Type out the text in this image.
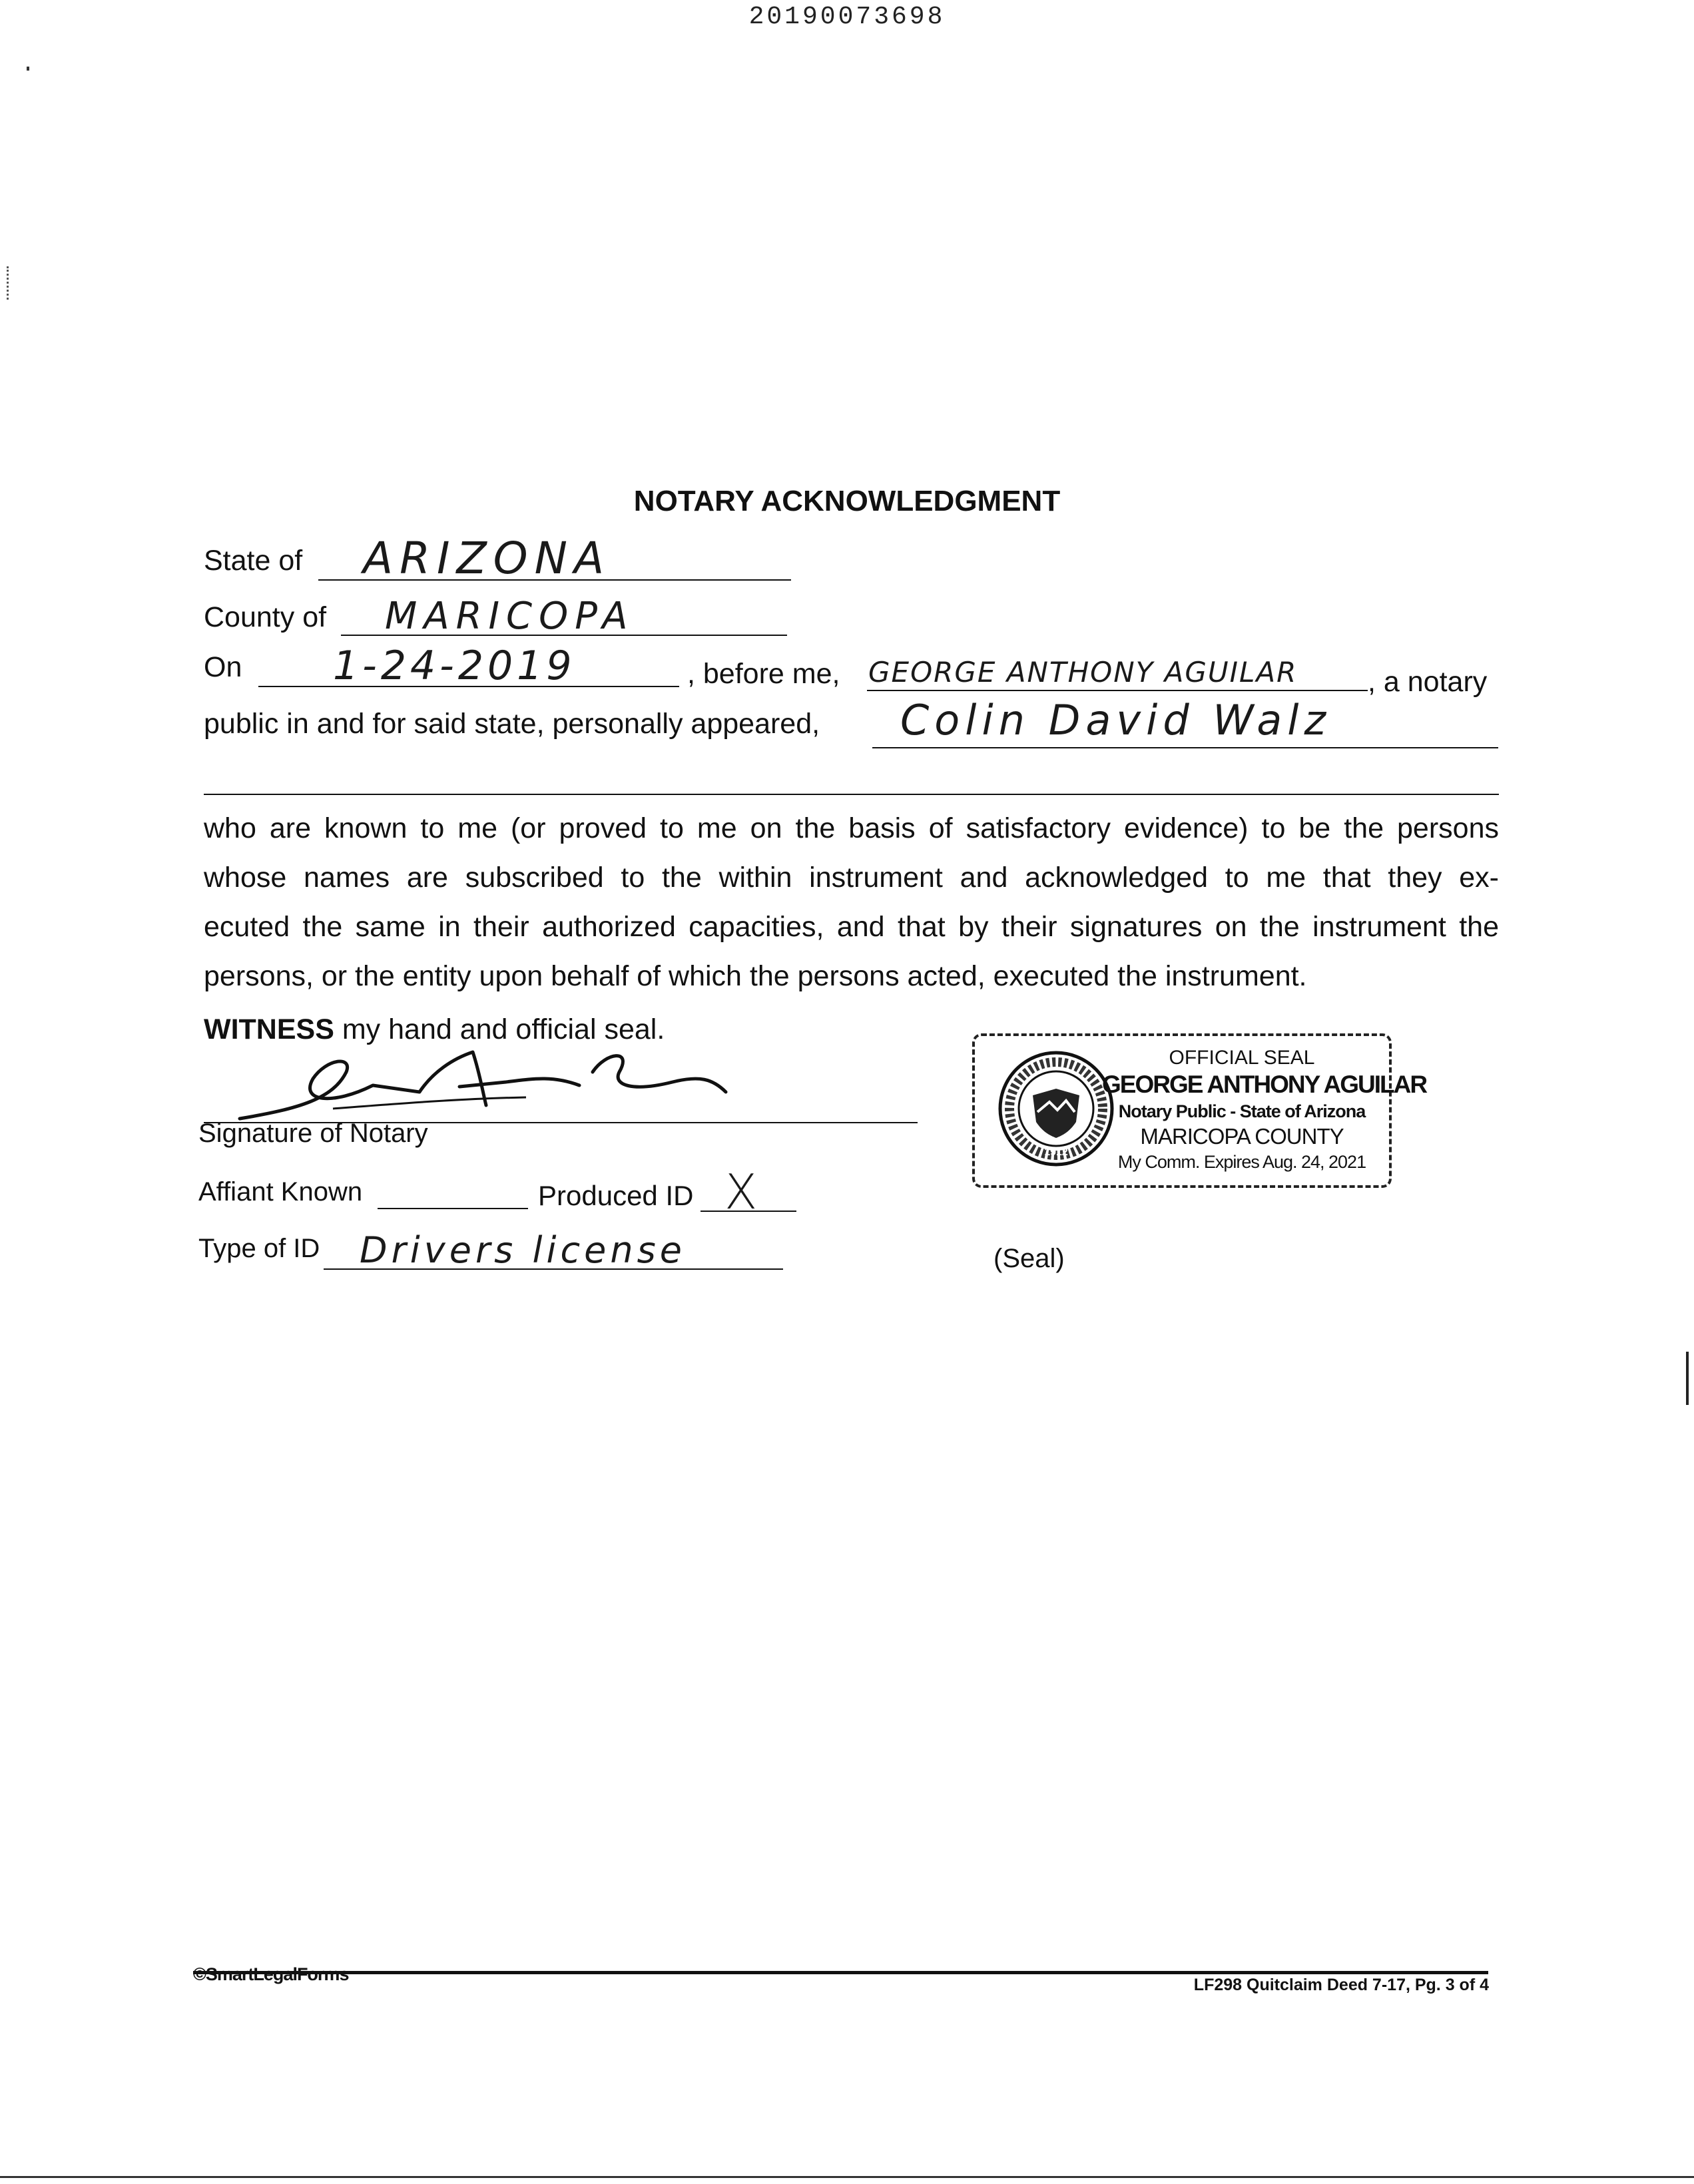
20190073698
NOTARY ACKNOWLEDGMENT
State of ARIZONA
County of MARICOPA
On 1-24-2019	, before me, GEORGE ANTHONY AGUILAR , a notary
public in and for said state, personally appeared, Colin David Walz
who are known to me (or proved to me on the basis of satisfactory evidence) to be the persons
whose names are subscribed to the within instrument and acknowledged to me that they ex-
ecuted the same in their authorized capacities, and that by their signatures on the instrument the
persons, or the entity upon behalf of which the persons acted, executed the instrument.
WITNESS my hand and official seal.
Signature of Notary
Affiant Known	Produced ID X
Type of ID Drivers license
1912
OFFICIAL SEAL
GEORGE ANTHONY AGUILAR
Notary Public - State of Arizona
MARICOPA COUNTY
My Comm. Expires Aug. 24, 2021
(Seal)
©SmartLegalForms
LF298 Quitclaim Deed 7-17, Pg. 3 of 4
